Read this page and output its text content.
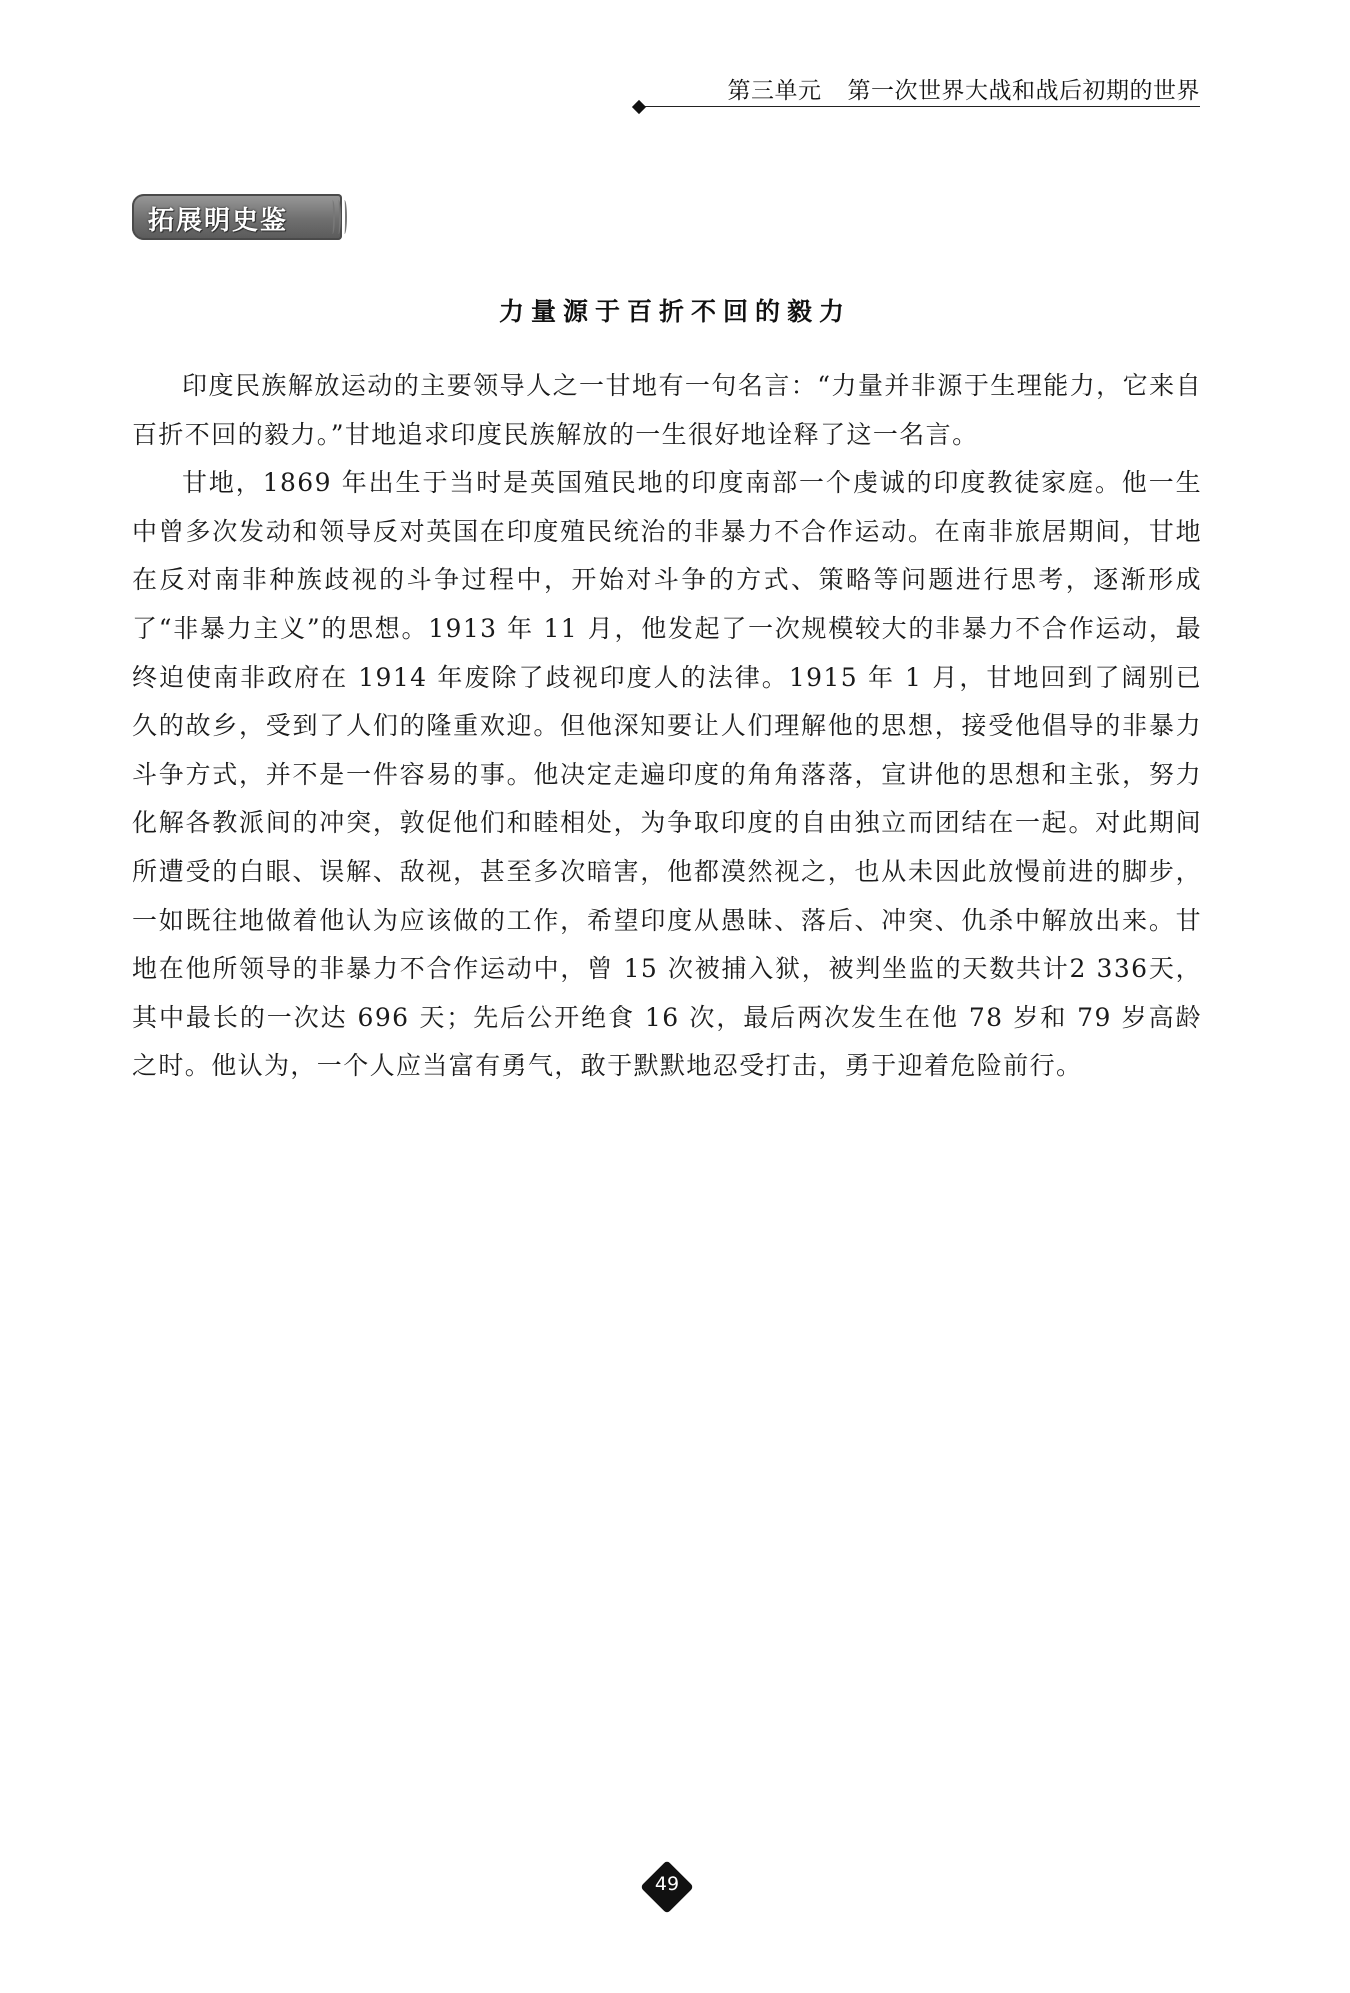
第三单元 第一次世界大战和战后初期的世界
拓展明史鉴
力量源于百折不回的毅力

印度民族解放运动的主要领导人之一甘地有一句名言：“力量并非源于生理能力，它来自百折不回的毅力。”甘地追求印度民族解放的一生很好地诠释了这一名言。

甘地，1869 年出生于当时是英国殖民地的印度南部一个虔诚的印度教徒家庭。他一生中曾多次发动和领导反对英国在印度殖民统治的非暴力不合作运动。在南非旅居期间，甘地在反对南非种族歧视的斗争过程中，开始对斗争的方式、策略等问题进行思考，逐渐形成了“非暴力主义”的思想。1913 年 11 月，他发起了一次规模较大的非暴力不合作运动，最终迫使南非政府在 1914 年废除了歧视印度人的法律。1915 年 1 月，甘地回到了阔别已久的故乡，受到了人们的隆重欢迎。但他深知要让人们理解他的思想，接受他倡导的非暴力斗争方式，并不是一件容易的事。他决定走遍印度的角角落落，宣讲他的思想和主张，努力化解各教派间的冲突，敦促他们和睦相处，为争取印度的自由独立而团结在一起。对此期间所遭受的白眼、误解、敌视，甚至多次暗害，他都漠然视之，也从未因此放慢前进的脚步，一如既往地做着他认为应该做的工作，希望印度从愚昧、落后、冲突、仇杀中解放出来。甘地在他所领导的非暴力不合作运动中，曾 15 次被捕入狱，被判坐监的天数共计2 336天，其中最长的一次达 696 天；先后公开绝食 16 次，最后两次发生在他 78 岁和 79 岁高龄之时。他认为，一个人应当富有勇气，敢于默默地忍受打击，勇于迎着危险前行。

49
